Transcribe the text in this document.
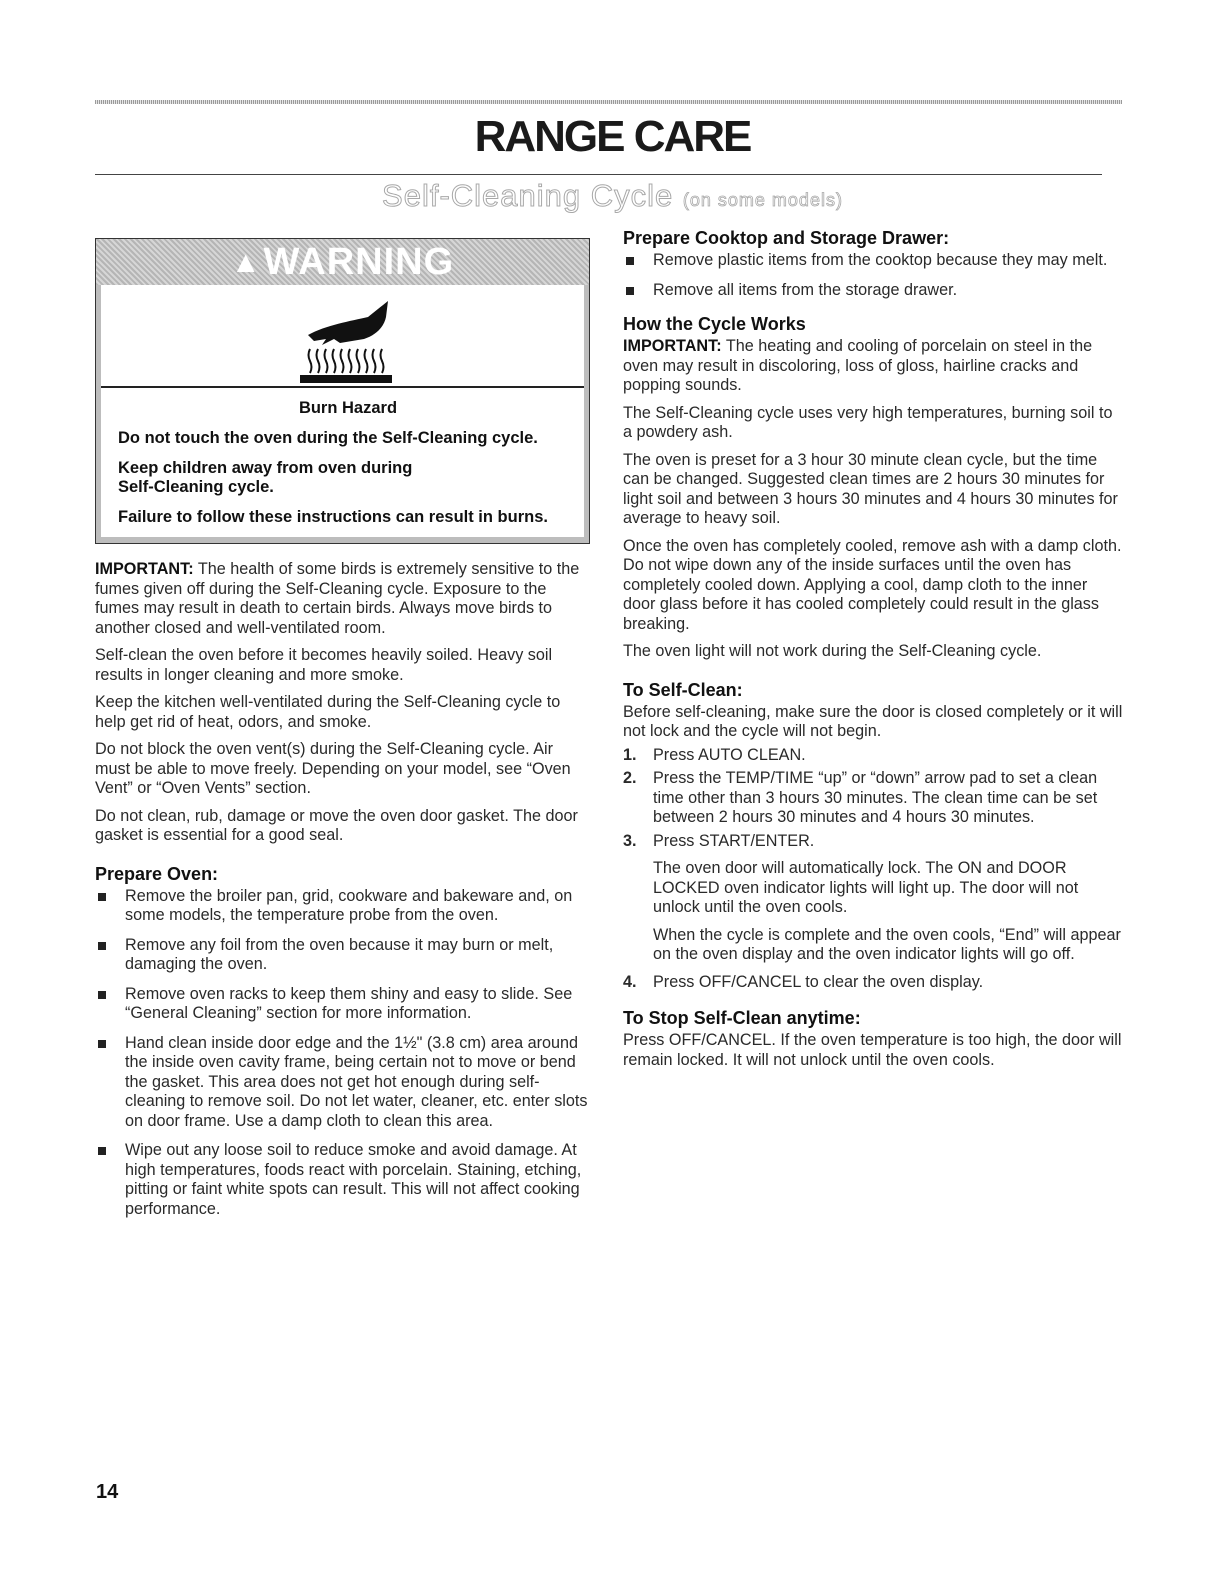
RANGE CARE
Self-Cleaning Cycle (on some models)
▲WARNING
Burn Hazard

Do not touch the oven during the Self-Cleaning cycle.

Keep children away from oven during

Self-Cleaning cycle.

Failure to follow these instructions can result in burns.

IMPORTANT: The health of some birds is extremely sensitive to the fumes given off during the Self-Cleaning cycle. Exposure to the fumes may result in death to certain birds. Always move birds to another closed and well-ventilated room.

Self-clean the oven before it becomes heavily soiled. Heavy soil results in longer cleaning and more smoke.

Keep the kitchen well-ventilated during the Self-Cleaning cycle to help get rid of heat, odors, and smoke.

Do not block the oven vent(s) during the Self-Cleaning cycle. Air must be able to move freely. Depending on your model, see “Oven Vent” or “Oven Vents” section.

Do not clean, rub, damage or move the oven door gasket. The door gasket is essential for a good seal.

Prepare Oven:
Remove the broiler pan, grid, cookware and bakeware and, on some models, the temperature probe from the oven.
Remove any foil from the oven because it may burn or melt, damaging the oven.
Remove oven racks to keep them shiny and easy to slide. See “General Cleaning” section for more information.
Hand clean inside door edge and the 1½" (3.8 cm) area around the inside oven cavity frame, being certain not to move or bend the gasket. This area does not get hot enough during self-cleaning to remove soil. Do not let water, cleaner, etc. enter slots on door frame. Use a damp cloth to clean this area.
Wipe out any loose soil to reduce smoke and avoid damage. At high temperatures, foods react with porcelain. Staining, etching, pitting or faint white spots can result. This will not affect cooking performance.
Prepare Cooktop and Storage Drawer:
Remove plastic items from the cooktop because they may melt.
Remove all items from the storage drawer.
How the Cycle Works

IMPORTANT: The heating and cooling of porcelain on steel in the oven may result in discoloring, loss of gloss, hairline cracks and popping sounds.

The Self-Cleaning cycle uses very high temperatures, burning soil to a powdery ash.

The oven is preset for a 3 hour 30 minute clean cycle, but the time can be changed. Suggested clean times are 2 hours 30 minutes for light soil and between 3 hours 30 minutes and 4 hours 30 minutes for average to heavy soil.

Once the oven has completely cooled, remove ash with a damp cloth. Do not wipe down any of the inside surfaces until the oven has completely cooled down. Applying a cool, damp cloth to the inner door glass before it has cooled completely could result in the glass breaking.

The oven light will not work during the Self-Cleaning cycle.

To Self-Clean:

Before self-cleaning, make sure the door is closed completely or it will not lock and the cycle will not begin.

1. Press AUTO CLEAN.
2. Press the TEMP/TIME “up” or “down” arrow pad to set a clean time other than 3 hours 30 minutes. The clean time can be set between 2 hours 30 minutes and 4 hours 30 minutes.
3. Press START/ENTER.

The oven door will automatically lock. The ON and DOOR LOCKED oven indicator lights will light up. The door will not unlock until the oven cools.

When the cycle is complete and the oven cools, “End” will appear on the oven display and the oven indicator lights will go off.

4. Press OFF/CANCEL to clear the oven display.
To Stop Self-Clean anytime:

Press OFF/CANCEL. If the oven temperature is too high, the door will remain locked. It will not unlock until the oven cools.

14
